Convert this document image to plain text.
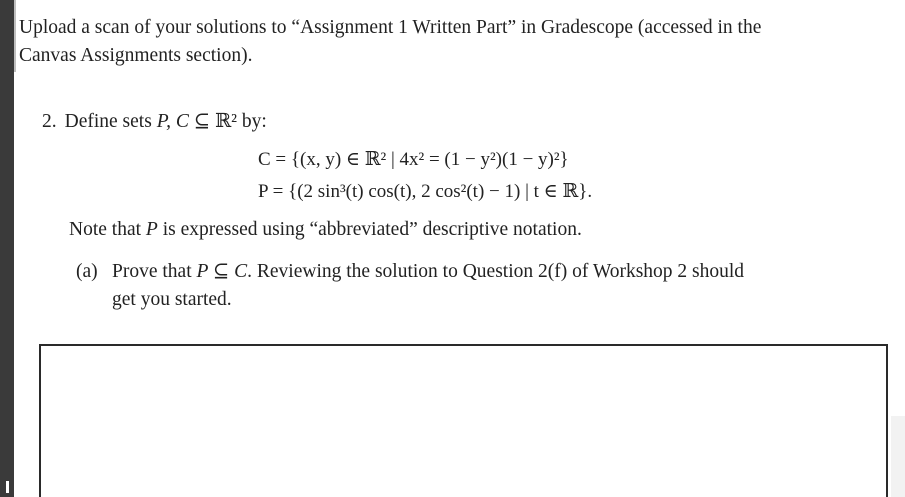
Upload a scan of your solutions to “Assignment 1 Written Part” in Gradescope (accessed in the
Canvas Assignments section).
2. Define sets P, C ⊆ ℝ² by:
C = {(x, y) ∈ ℝ² | 4x² = (1 − y²)(1 − y)²}
P = {(2 sin³(t) cos(t), 2 cos²(t) − 1) | t ∈ ℝ}.
Note that P is expressed using “abbreviated” descriptive notation.
(a) Prove that P ⊆ C. Reviewing the solution to Question 2(f) of Workshop 2 should
get you started.
